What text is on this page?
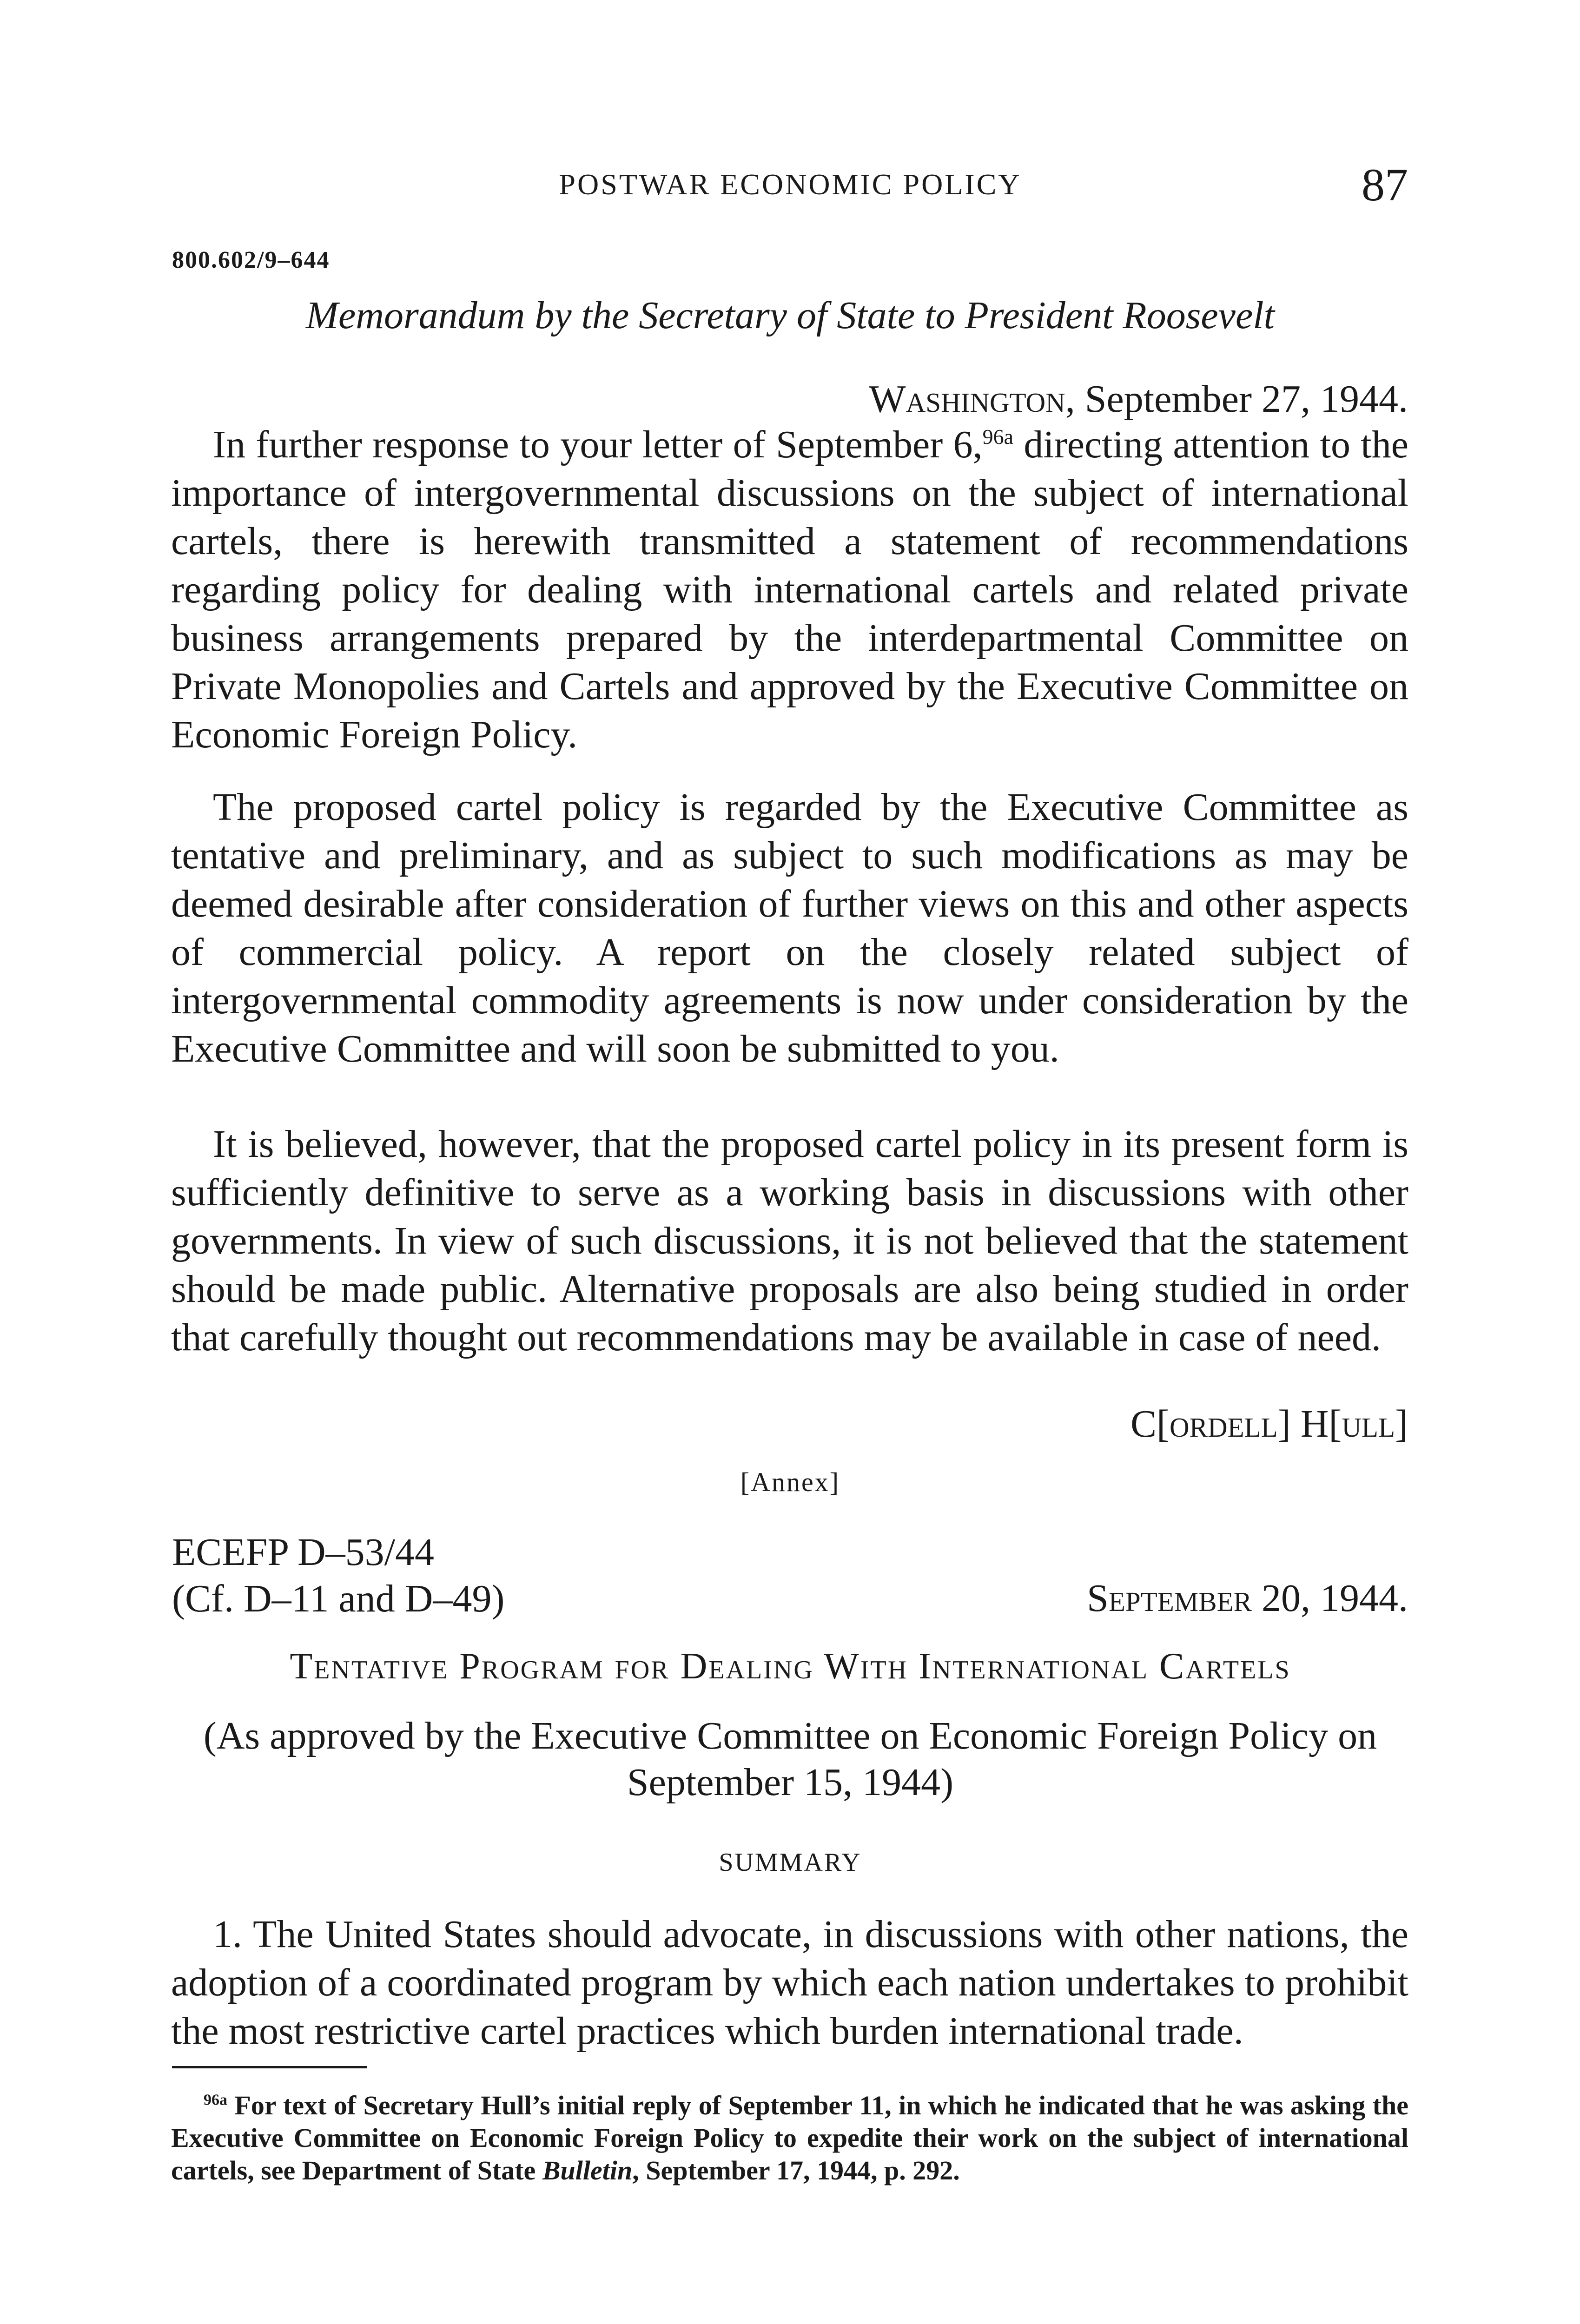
POSTWAR ECONOMIC POLICY	87
800.602/9–644
Memorandum by the Secretary of State to President Roosevelt
Washington, September 27, 1944.

In further response to your letter of September 6,$^{96a}$ directing attention to the importance of intergovernmental discussions on the subject of international cartels, there is herewith transmitted a statement of recommendations regarding policy for dealing with international cartels and related private business arrangements prepared by the interdepartmental Committee on Private Monopolies and Cartels and approved by the Executive Committee on Economic Foreign Policy.

The proposed cartel policy is regarded by the Executive Committee as tentative and preliminary, and as subject to such modifications as may be deemed desirable after consideration of further views on this and other aspects of commercial policy. A report on the closely related subject of intergovernmental commodity agreements is now under consideration by the Executive Committee and will soon be submitted to you.

It is believed, however, that the proposed cartel policy in its present form is sufficiently definitive to serve as a working basis in discussions with other governments. In view of such discussions, it is not believed that the statement should be made public. Alternative proposals are also being studied in order that carefully thought out recommendations may be available in case of need.

C[ordell] H[ull]
[Annex]
ECEFP D–53/44
(Cf. D–11 and D–49)	September 20, 1944.
Tentative Program for Dealing With International Cartels
(As approved by the Executive Committee on Economic Foreign Policy on September 15, 1944)
SUMMARY

1. The United States should advocate, in discussions with other nations, the adoption of a coordinated program by which each nation undertakes to prohibit the most restrictive cartel practices which burden international trade.

$^{96a}$ For text of Secretary Hull’s initial reply of September 11, in which he indicated that he was asking the Executive Committee on Economic Foreign Policy to expedite their work on the subject of international cartels, see Department of State Bulletin, September 17, 1944, p. 292.
